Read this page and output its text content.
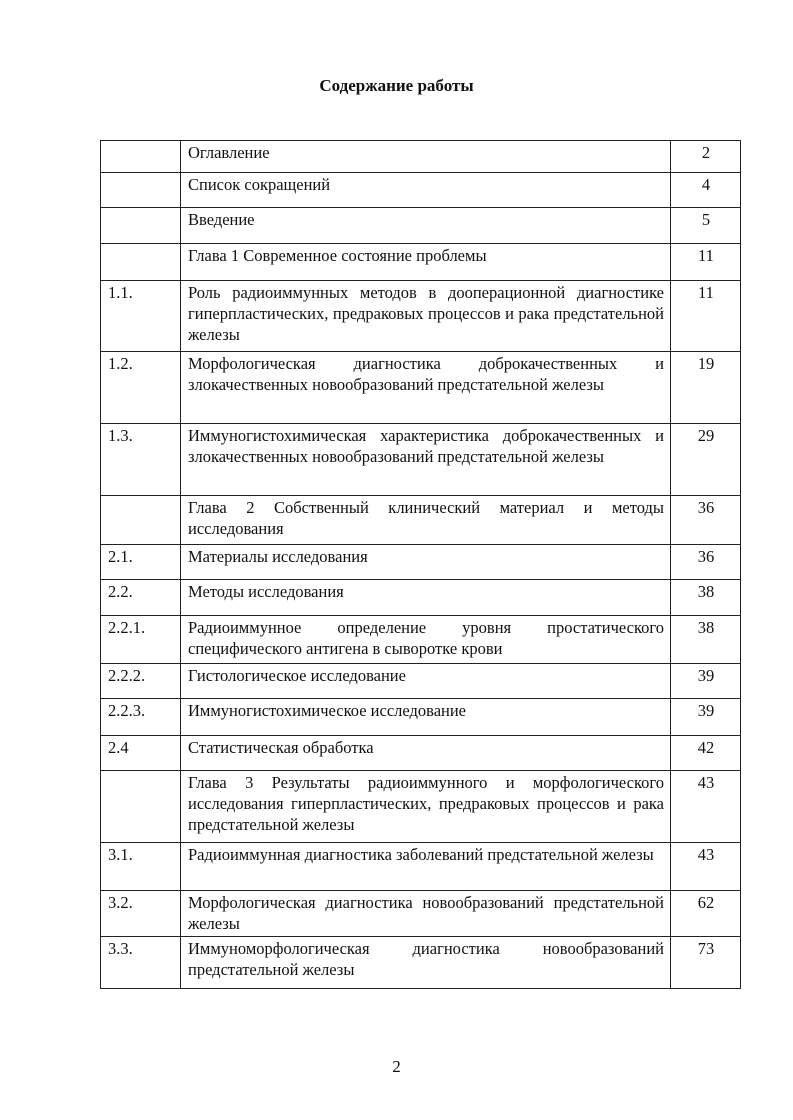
Содержание работы
	Оглавление	2
	Список сокращений	4
	Введение	5
	Глава 1 Современное состояние проблемы	11
1.1.	Роль радиоиммунных методов в дооперационной диагностике гиперпластических, предраковых процессов и рака предстательной железы	11
1.2.	Морфологическая диагностика доброкачественных и злокачественных новообразований предстательной железы	19
1.3.	Иммуногистохимическая характеристика доброкачественных и злокачественных новообразований предстательной железы	29
	Глава 2 Собственный клинический материал и методы исследования	36
2.1.	Материалы исследования	36
2.2.	Методы исследования	38
2.2.1.	Радиоиммунное определение уровня простатического специфического антигена в сыворотке крови	38
2.2.2.	Гистологическое исследование	39
2.2.3.	Иммуногистохимическое исследование	39
2.4	Статистическая обработка	42
	Глава 3 Результаты радиоиммунного и морфологического исследования гиперпластических, предраковых процессов и рака предстательной железы	43
3.1.	Радиоиммунная диагностика заболеваний предстательной железы	43
3.2.	Морфологическая диагностика новообразований предстательной железы	62
3.3.	Иммуноморфологическая диагностика новообразований предстательной железы	73
2
